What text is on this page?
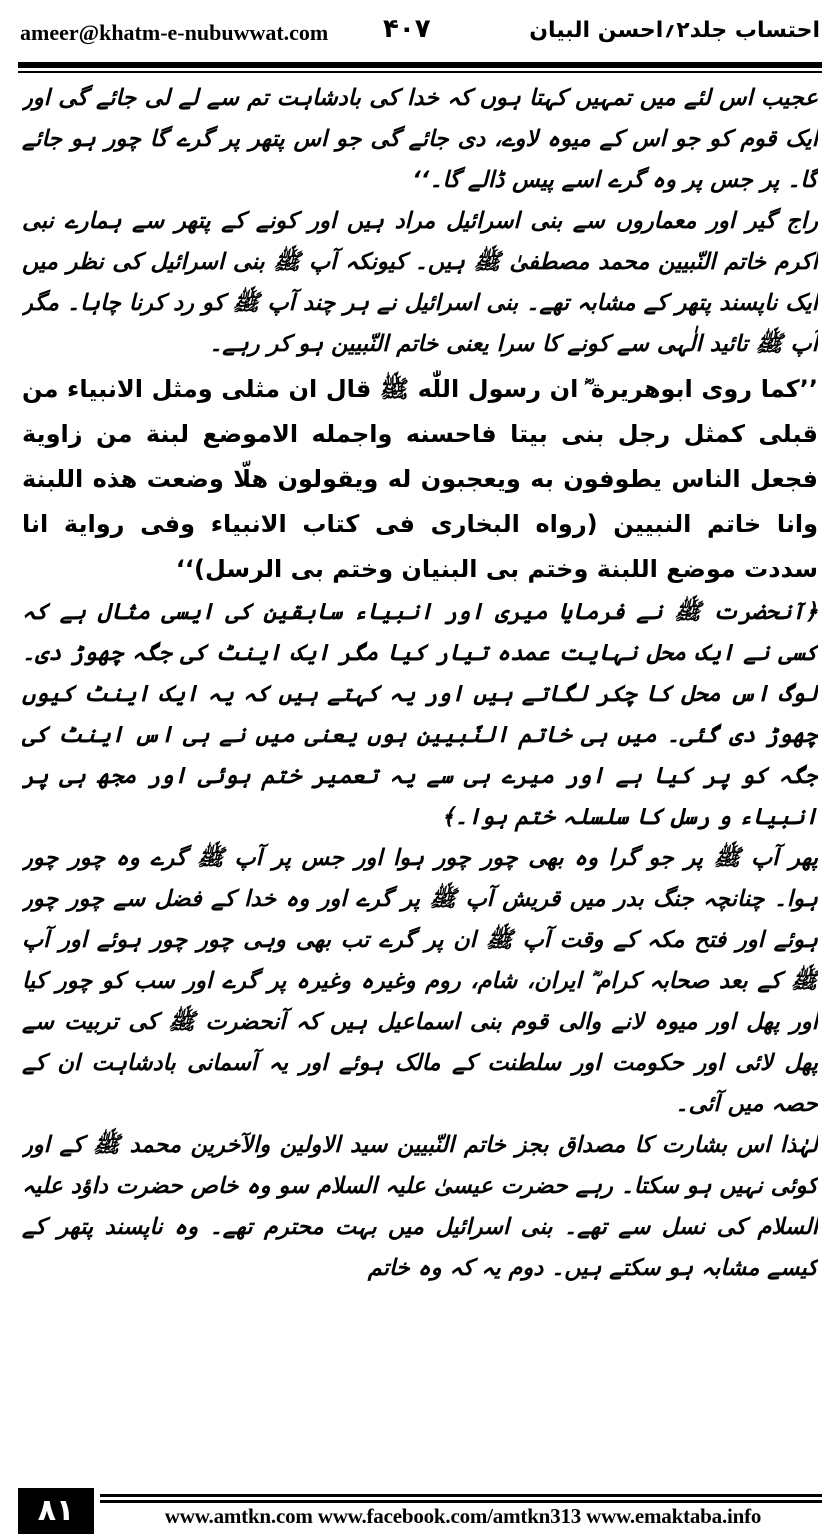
ameer@khatm-e-nubuwwat.com ۴۰۷	احتساب جلد۲؍احسن البیان

عجیب اس لئے میں تمہیں کہتا ہوں کہ خدا کی بادشاہت تم سے لے لی جائے گی اور ایک قوم کو جو اس کے میوہ لاوے، دی جائے گی جو اس پتھر پر گرے گا چور ہو جائے گا۔ پر جس پر وہ گرے اسے پیس ڈالے گا۔‘‘

راج گیر اور معماروں سے بنی اسرائیل مراد ہیں اور کونے کے پتھر سے ہمارے نبی اکرم خاتم النّبیین محمد مصطفیٰ ﷺ ہیں۔ کیونکہ آپ ﷺ بنی اسرائیل کی نظر میں ایک ناپسند پتھر کے مشابہ تھے۔ بنی اسرائیل نے ہر چند آپ ﷺ کو رد کرنا چاہا۔ مگر آپ ﷺ تائید الٰہی سے کونے کا سرا یعنی خاتم النّبیین ہو کر رہے۔

’’کما روی ابوهریرة ؓ ان رسول اللّٰه ﷺ قال ان مثلی ومثل الانبیاء من قبلی کمثل رجل بنی بیتا فاحسنه واجمله الاموضع لبنة من زاویة فجعل الناس یطوفون به ویعجبون له ویقولون هلّا وضعت هذه اللبنة وانا خاتم النبیین (رواه البخاری فی کتاب الانبیاء وفی روایة انا سددت موضع اللبنة وختم بی البنیان وختم بی الرسل)‘‘

﴿آنحضرت ﷺ نے فرمایا میری اور انبیاء سابقین کی ایسی مثال ہے کہ کسی نے ایک محل نہایت عمدہ تیار کیا مگر ایک اینٹ کی جگہ چھوڑ دی۔ لوگ اس محل کا چکر لگاتے ہیں اور یہ کہتے ہیں کہ یہ ایک اینٹ کیوں چھوڑ دی گئی۔ میں ہی خاتم النّبیین ہوں یعنی میں نے ہی اس اینٹ کی جگہ کو پر کیا ہے اور میرے ہی سے یہ تعمیر ختم ہوئی اور مجھ ہی پر انبیاء و رسل کا سلسلہ ختم ہوا۔﴾

پھر آپ ﷺ پر جو گرا وہ بھی چور چور ہوا اور جس پر آپ ﷺ گرے وہ چور چور ہوا۔ چنانچہ جنگ بدر میں قریش آپ ﷺ پر گرے اور وہ خدا کے فضل سے چور چور ہوئے اور فتح مکہ کے وقت آپ ﷺ ان پر گرے تب بھی وہی چور چور ہوئے اور آپ ﷺ کے بعد صحابہ کرام ؓ ایران، شام، روم وغیرہ وغیرہ پر گرے اور سب کو چور کیا اور پھل اور میوہ لانے والی قوم بنی اسماعیل ہیں کہ آنحضرت ﷺ کی تربیت سے پھل لائی اور حکومت اور سلطنت کے مالک ہوئے اور یہ آسمانی بادشاہت ان کے حصہ میں آئی۔

لہٰذا اس بشارت کا مصداق بجز خاتم النّبیین سید الاولین والآخرین محمد ﷺ کے اور کوئی نہیں ہو سکتا۔ رہے حضرت عیسیٰ علیہ السلام سو وہ خاص حضرت داؤد علیہ السلام کی نسل سے تھے۔ بنی اسرائیل میں بہت محترم تھے۔ وہ ناپسند پتھر کے کیسے مشابہ ہو سکتے ہیں۔ دوم یہ کہ وہ خاتم

۸۱	www.amtkn.com www.facebook.com/amtkn313 www.emaktaba.info
